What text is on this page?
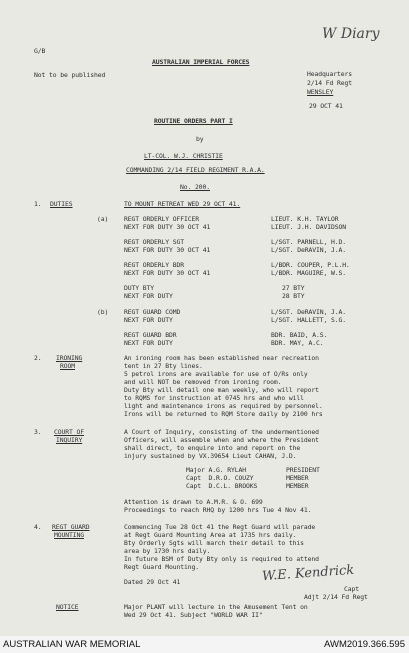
G/B
Not to be published
W Diary
AUSTRALIAN IMPERIAL FORCES
Headquarters
2/14 Fd Regt
WENSLEY
29 OCT 41
ROUTINE ORDERS PART I
by
LT-COL. W.J. CHRISTIE
COMMANDING 2/14 FIELD REGIMENT R.A.A.
No. 200.
1. DUTIES	TO MOUNT RETREAT WED 29 OCT 41.
(a) REGT ORDERLY OFFICER	LIEUT. K.H. TAYLOR
NEXT FOR DUTY 30 OCT 41	LIEUT. J.H. DAVIDSON
REGT ORDERLY SGT	L/SGT. PARNELL, H.D.
NEXT FOR DUTY 30 OCT 41	L/SGT. DeRAVIN, J.A.
REGT ORDERLY BDR	L/BDR. COUPER, P.L.H.
NEXT FOR DUTY 30 OCT 41	L/BDR. MAGUIRE, W.S.
DUTY BTY	27 BTY
NEXT FOR DUTY	28 BTY
(b) REGT GUARD COMD	L/SGT. DeRAVIN, J.A.
NEXT FOR DUTY	L/SGT. HALLETT, S.G.
REGT GUARD BDR	BDR. BAID, A.S.
NEXT FOR DUTY	BDR. MAY, A.C.
2. IRONING
ROOM
An ironing room has been established near recreation
tent in 27 Bty lines.
5 petrol irons are available for use of O/Rs only
and will NOT be removed from ironing room.
Duty Bty will detail one man weekly, who will report
to RQMS for instruction at 0745 hrs and who will
light and maintenance irons as required by personnel.
Irons will be returned to RQM Store daily by 2100 hrs
3. COURT OF
INQUIRY
A Court of Inquiry, consisting of the undermentioned
Officers, will assemble when and where the President
shall direct, to enquire into and report on the
injury sustained by VX.39654 Lieut CAHAN, J.D.
Major A.G. RYLAH	PRESIDENT
Capt  D.R.O. COUZY	MEMBER
Capt  D.C.L. BROOKS	MEMBER
Attention is drawn to A.M.R. & O. 699
Proceedings to reach RHQ by 1200 hrs Tue 4 Nov 41.
4. REGT GUARD
MOUNTING
Commencing Tue 28 Oct 41 the Regt Guard will parade
at Regt Guard Mounting Area at 1735 hrs daily.
Bty Orderly Sgts will march their detail to this
area by 1730 hrs daily.
In future BSM of Duty Bty only is required to attend
Regt Guard Mounting.
Dated 29 Oct 41	W.E. Kendrick
Capt
Adjt 2/14 Fd Regt
NOTICE	Major PLANT will lecture in the Amusement Tent on
Wed 29 Oct 41. Subject "WORLD WAR II"
AUSTRALIAN WAR MEMORIAL	AWM2019.366.595
